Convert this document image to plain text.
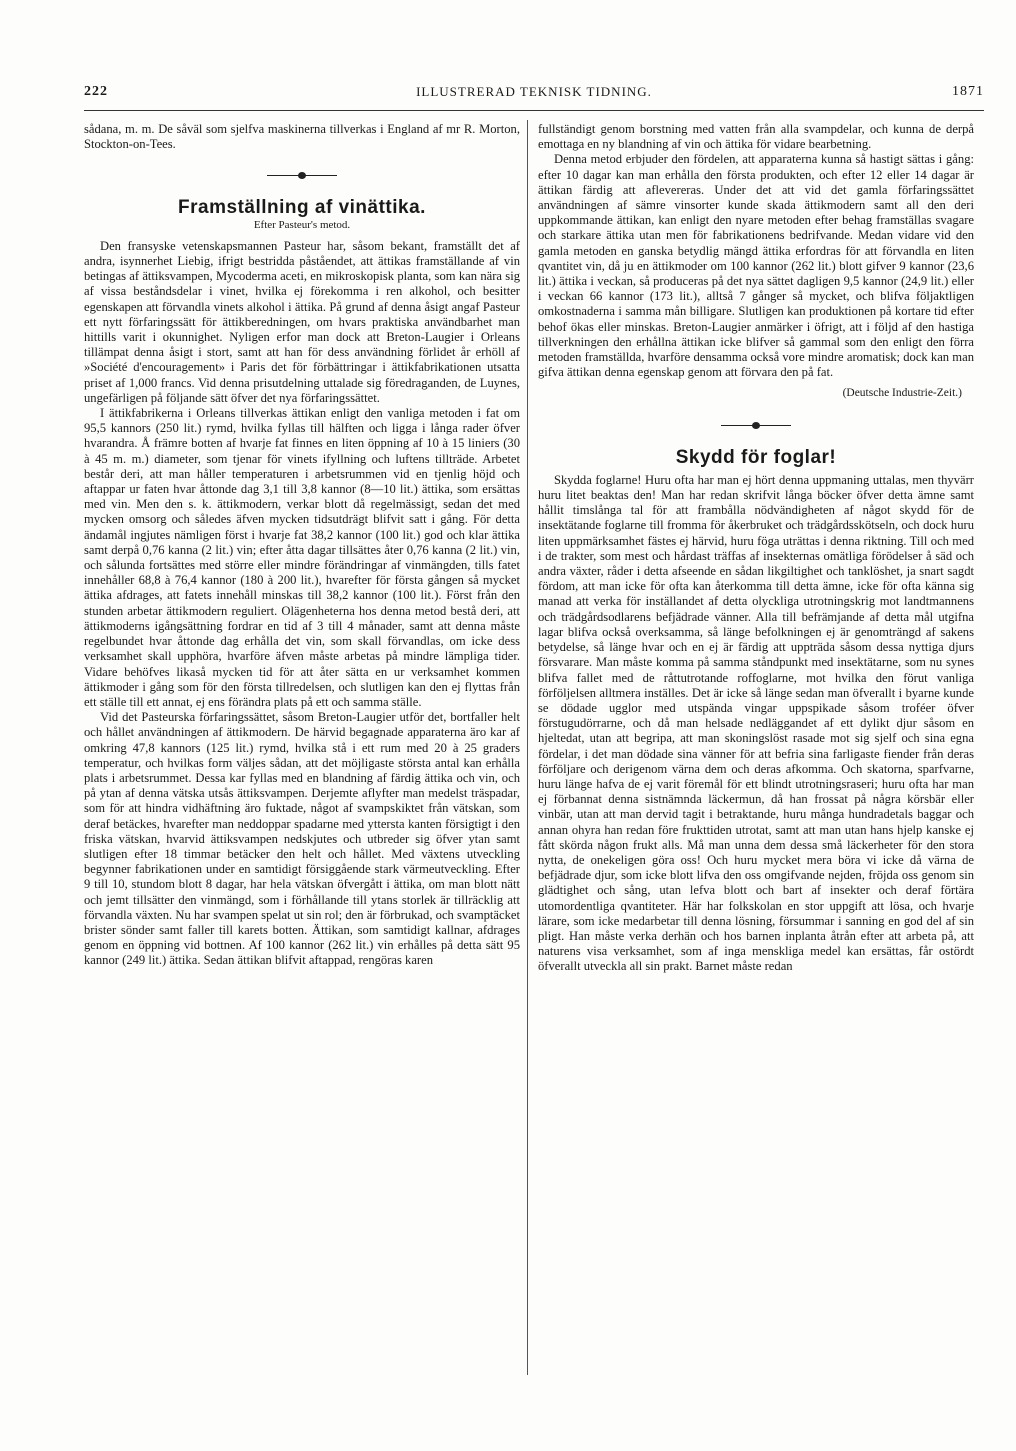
222	ILLUSTRERAD TEKNISK TIDNING.	1871

sådana, m. m. De såväl som sjelfva maskinerna tillverkas i England af mr R. Morton, Stockton-on-Tees.

Framställning af vinättika.
Efter Pasteur's metod.

Den fransyske vetenskapsmannen Pasteur har, såsom bekant, framställt det af andra, isynnerhet Liebig, ifrigt bestridda påståendet, att ättikas framställande af vin betingas af ättiksvampen, Mycoderma aceti, en mikroskopisk planta, som kan nära sig af vissa beståndsdelar i vinet, hvilka ej förekomma i ren alkohol, och besitter egenskapen att förvandla vinets alkohol i ättika. På grund af denna åsigt angaf Pasteur ett nytt förfaringssätt för ättikberedningen, om hvars praktiska användbarhet man hittills varit i okunnighet. Nyligen erfor man dock att Breton-Laugier i Orleans tillämpat denna åsigt i stort, samt att han för dess användning förlidet år erhöll af »Société d'encouragement» i Paris det för förbättringar i ättikfabrikationen utsatta priset af 1,000 francs. Vid denna prisutdelning uttalade sig föredraganden, de Luynes, ungefärligen på följande sätt öfver det nya förfaringssättet.

I ättikfabrikerna i Orleans tillverkas ättikan enligt den vanliga metoden i fat om 95,5 kannors (250 lit.) rymd, hvilka fyllas till hälften och ligga i långa rader öfver hvarandra. Å främre botten af hvarje fat finnes en liten öppning af 10 à 15 liniers (30 à 45 m. m.) diameter, som tjenar för vinets ifyllning och luftens tillträde. Arbetet består deri, att man håller temperaturen i arbetsrummen vid en tjenlig höjd och aftappar ur faten hvar åttonde dag 3,1 till 3,8 kannor (8—10 lit.) ättika, som ersättas med vin. Men den s. k. ättikmodern, verkar blott då regelmässigt, sedan det med mycken omsorg och således äfven mycken tidsutdrägt blifvit satt i gång. För detta ändamål ingjutes nämligen först i hvarje fat 38,2 kannor (100 lit.) god och klar ättika samt derpå 0,76 kanna (2 lit.) vin; efter åtta dagar tillsättes åter 0,76 kanna (2 lit.) vin, och sålunda fortsättes med större eller mindre förändringar af vinmängden, tills fatet innehåller 68,8 à 76,4 kannor (180 à 200 lit.), hvarefter för första gången så mycket ättika afdrages, att fatets innehåll minskas till 38,2 kannor (100 lit.). Först från den stunden arbetar ättikmodern reguliert. Olägenheterna hos denna metod bestå deri, att ättikmoderns igångsättning fordrar en tid af 3 till 4 månader, samt att denna måste regelbundet hvar åttonde dag erhålla det vin, som skall förvandlas, om icke dess verksamhet skall upphöra, hvarföre äfven måste arbetas på mindre lämpliga tider. Vidare behöfves likaså mycken tid för att åter sätta en ur verksamhet kommen ättikmoder i gång som för den första tillredelsen, och slutligen kan den ej flyttas från ett ställe till ett annat, ej ens förändra plats på ett och samma ställe.

Vid det Pasteurska förfaringssättet, såsom Breton-Laugier utför det, bortfaller helt och hållet användningen af ättikmodern. De härvid begagnade apparaterna äro kar af omkring 47,8 kannors (125 lit.) rymd, hvilka stå i ett rum med 20 à 25 graders temperatur, och hvilkas form väljes sådan, att det möjligaste största antal kan erhålla plats i arbetsrummet. Dessa kar fyllas med en blandning af färdig ättika och vin, och på ytan af denna vätska utsås ättiksvampen. Derjemte aflyfter man medelst träspadar, som för att hindra vidhäftning äro fuktade, något af svampskiktet från vätskan, som deraf betäckes, hvarefter man neddoppar spadarne med yttersta kanten försigtigt i den friska vätskan, hvarvid ättiksvampen nedskjutes och utbreder sig öfver ytan samt slutligen efter 18 timmar betäcker den helt och hållet. Med växtens utveckling begynner fabrikationen under en samtidigt försiggående stark värmeutveckling. Efter 9 till 10, stundom blott 8 dagar, har hela vätskan öfvergått i ättika, om man blott nätt och jemt tillsätter den vinmängd, som i förhållande till ytans storlek är tillräcklig att förvandla växten. Nu har svampen spelat ut sin rol; den är förbrukad, och svamptäcket brister sönder samt faller till karets botten. Ättikan, som samtidigt kallnar, afdrages genom en öppning vid bottnen. Af 100 kannor (262 lit.) vin erhålles på detta sätt 95 kannor (249 lit.) ättika. Sedan ättikan blifvit aftappad, rengöras karen

fullständigt genom borstning med vatten från alla svampdelar, och kunna de derpå emottaga en ny blandning af vin och ättika för vidare bearbetning.

Denna metod erbjuder den fördelen, att apparaterna kunna så hastigt sättas i gång: efter 10 dagar kan man erhålla den första produkten, och efter 12 eller 14 dagar är ättikan färdig att aflevereras. Under det att vid det gamla förfaringssättet användningen af sämre vinsorter kunde skada ättikmodern samt all den deri uppkommande ättikan, kan enligt den nyare metoden efter behag framställas svagare och starkare ättika utan men för fabrikationens bedrifvande. Medan vidare vid den gamla metoden en ganska betydlig mängd ättika erfordras för att förvandla en liten qvantitet vin, då ju en ättikmoder om 100 kannor (262 lit.) blott gifver 9 kannor (23,6 lit.) ättika i veckan, så produceras på det nya sättet dagligen 9,5 kannor (24,9 lit.) eller i veckan 66 kannor (173 lit.), alltså 7 gånger så mycket, och blifva följaktligen omkostnaderna i samma mån billigare. Slutligen kan produktionen på kortare tid efter behof ökas eller minskas. Breton-Laugier anmärker i öfrigt, att i följd af den hastiga tillverkningen den erhållna ättikan icke blifver så gammal som den enligt den förra metoden framställda, hvarföre densamma också vore mindre aromatisk; dock kan man gifva ättikan denna egenskap genom att förvara den på fat.

(Deutsche Industrie-Zeit.)
Skydd för foglar!

Skydda foglarne! Huru ofta har man ej hört denna uppmaning uttalas, men thyvärr huru litet beaktas den! Man har redan skrifvit långa böcker öfver detta ämne samt hållit timslånga tal för att frambålla nödvändigheten af något skydd för de insektätande foglarne till fromma för åkerbruket och trädgårdsskötseln, och dock huru liten uppmärksamhet fästes ej härvid, huru föga uträttas i denna riktning. Till och med i de trakter, som mest och hårdast träffas af insekternas omätliga förödelser å säd och andra växter, råder i detta afseende en sådan likgiltighet och tanklöshet, ja snart sagdt fördom, att man icke för ofta kan återkomma till detta ämne, icke för ofta känna sig manad att verka för inställandet af detta olyckliga utrotningskrig mot landtmannens och trädgårdsodlarens befjädrade vänner. Alla till befrämjande af detta mål utgifna lagar blifva också overksamma, så länge befolkningen ej är genomträngd af sakens betydelse, så länge hvar och en ej är färdig att uppträda såsom dessa nyttiga djurs försvarare. Man måste komma på samma ståndpunkt med insektätarne, som nu synes blifva fallet med de råttutrotande roffoglarne, mot hvilka den förut vanliga förföljelsen alltmera inställes. Det är icke så länge sedan man öfverallt i byarne kunde se dödade ugglor med utspända vingar uppspikade såsom troféer öfver förstugudörrarne, och då man helsade nedläggandet af ett dylikt djur såsom en hjeltedat, utan att begripa, att man skoningslöst rasade mot sig sjelf och sina egna fördelar, i det man dödade sina vänner för att befria sina farligaste fiender från deras förföljare och derigenom värna dem och deras afkomma. Och skatorna, sparfvarne, huru länge hafva de ej varit föremål för ett blindt utrotningsraseri; huru ofta har man ej förbannat denna sistnämnda läckermun, då han frossat på några körsbär eller vinbär, utan att man dervid tagit i betraktande, huru många hundradetals baggar och annan ohyra han redan före frukttiden utrotat, samt att man utan hans hjelp kanske ej fått skörda någon frukt alls. Må man unna dem dessa små läckerheter för den stora nytta, de onekeligen göra oss! Och huru mycket mera böra vi icke då värna de befjädrade djur, som icke blott lifva den oss omgifvande nejden, fröjda oss genom sin glädtighet och sång, utan lefva blott och bart af insekter och deraf förtära utomordentliga qvantiteter. Här har folkskolan en stor uppgift att lösa, och hvarje lärare, som icke medarbetar till denna lösning, försummar i sanning en god del af sin pligt. Han måste verka derhän och hos barnen inplanta åtrån efter att arbeta på, att naturens visa verksamhet, som af inga menskliga medel kan ersättas, får ostördt öfverallt utveckla all sin prakt. Barnet måste redan
